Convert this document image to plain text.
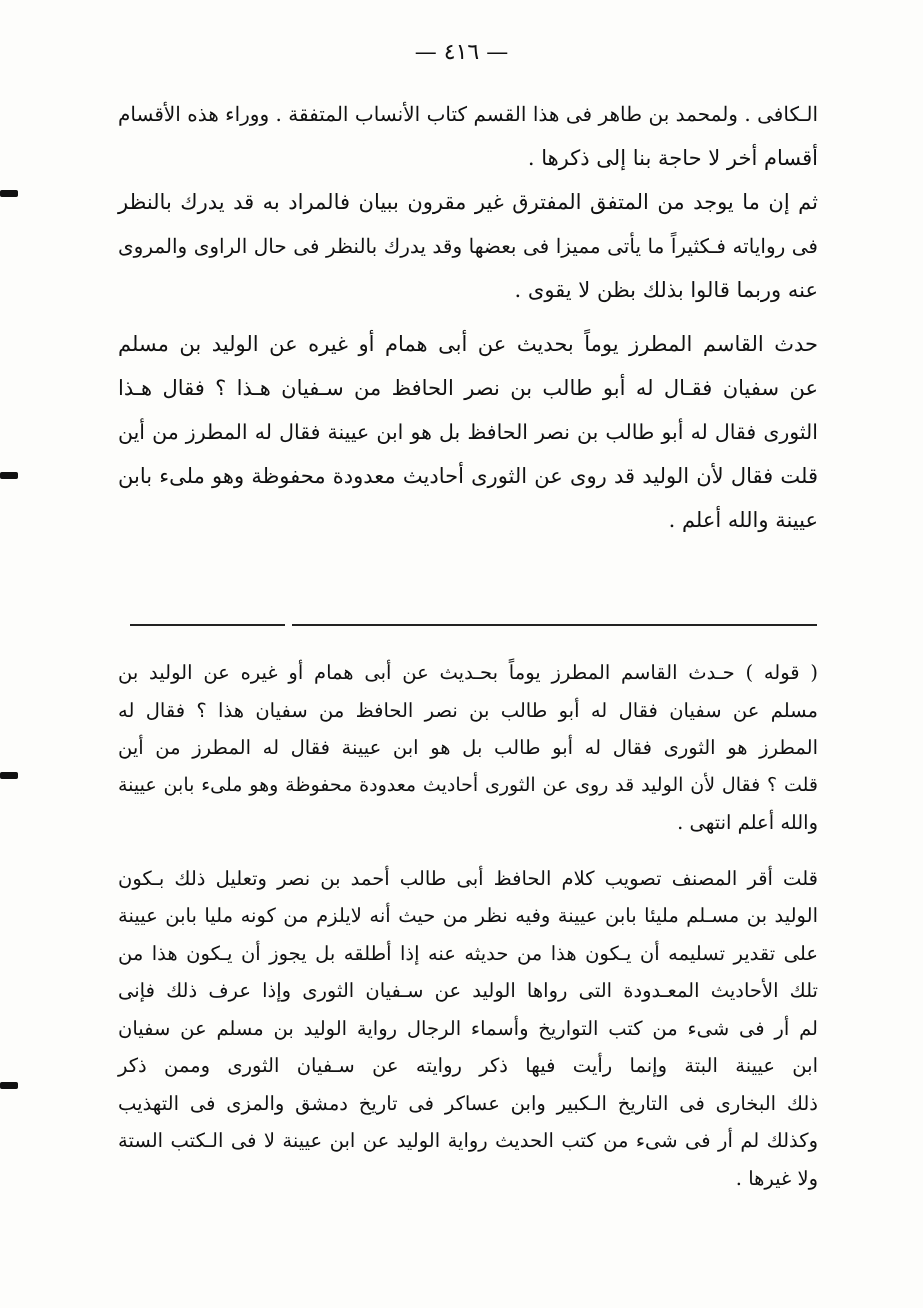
— ٤١٦ —
الـكافى . ولمحمد بن طاهر فى هذا القسم كتاب الأنساب المتفقة . ووراء هذه الأقسام
أقسام أخر لا حاجة بنا إلى ذكرها .
ثم إن ما يوجد من المتفق المفترق غير مقرون ببيان فالمراد به قد يدرك بالنظر
فى رواياته فـكثيراً ما يأتى مميزا فى بعضها وقد يدرك بالنظر فى حال الراوى والمروى
عنه وربما قالوا بذلك بظن لا يقوى .
حدث القاسم المطرز يوماً بحديث عن أبى همام أو غيره عن الوليد بن مسلم
عن سفيان فقـال له أبو طالب بن نصر الحافظ من سـفيان هـذا ؟ فقال هـذا
الثورى فقال له أبو طالب بن نصر الحافظ بل هو ابن عيينة فقال له المطرز من أين
قلت فقال لأن الوليد قد روى عن الثورى أحاديث معدودة محفوظة وهو ملىء بابن
عيينة والله أعلم .
( قوله ) حـدث القاسم المطرز يوماً بحـديث عن أبى همام أو غيره عن الوليد بن
مسلم عن سفيان فقال له أبو طالب بن نصر الحافظ من سفيان هذا ؟ فقال له
المطرز هو الثورى فقال له أبو طالب بل هو ابن عيينة فقال له المطرز من أين
قلت ؟ فقال لأن الوليد قد روى عن الثورى أحاديث معدودة محفوظة وهو ملىء بابن عيينة
والله أعلم انتهى .
قلت أقر المصنف تصويب كلام الحافظ أبى طالب أحمد بن نصر وتعليل ذلك بـكون
الوليد بن مسـلم مليئا بابن عيينة وفيه نظر من حيث أنه لايلزم من كونه مليا بابن عيينة
على تقدير تسليمه أن يـكون هذا من حديثه عنه إذا أطلقه بل يجوز أن يـكون هذا من
تلك الأحاديث المعـدودة التى رواها الوليد عن سـفيان الثورى وإذا عرف ذلك فإنى
لم أر فى شىء من كتب التواريخ وأسماء الرجال رواية الوليد بن مسلم عن سفيان
ابن عيينة البتة وإنما رأيت فيها ذكر روايته عن سـفيان الثورى وممن ذكر
ذلك البخارى فى التاريخ الـكبير وابن عساكر فى تاريخ دمشق والمزى فى التهذيب
وكذلك لم أر فى شىء من كتب الحديث رواية الوليد عن ابن عيينة لا فى الـكتب الستة
ولا غيرها .
